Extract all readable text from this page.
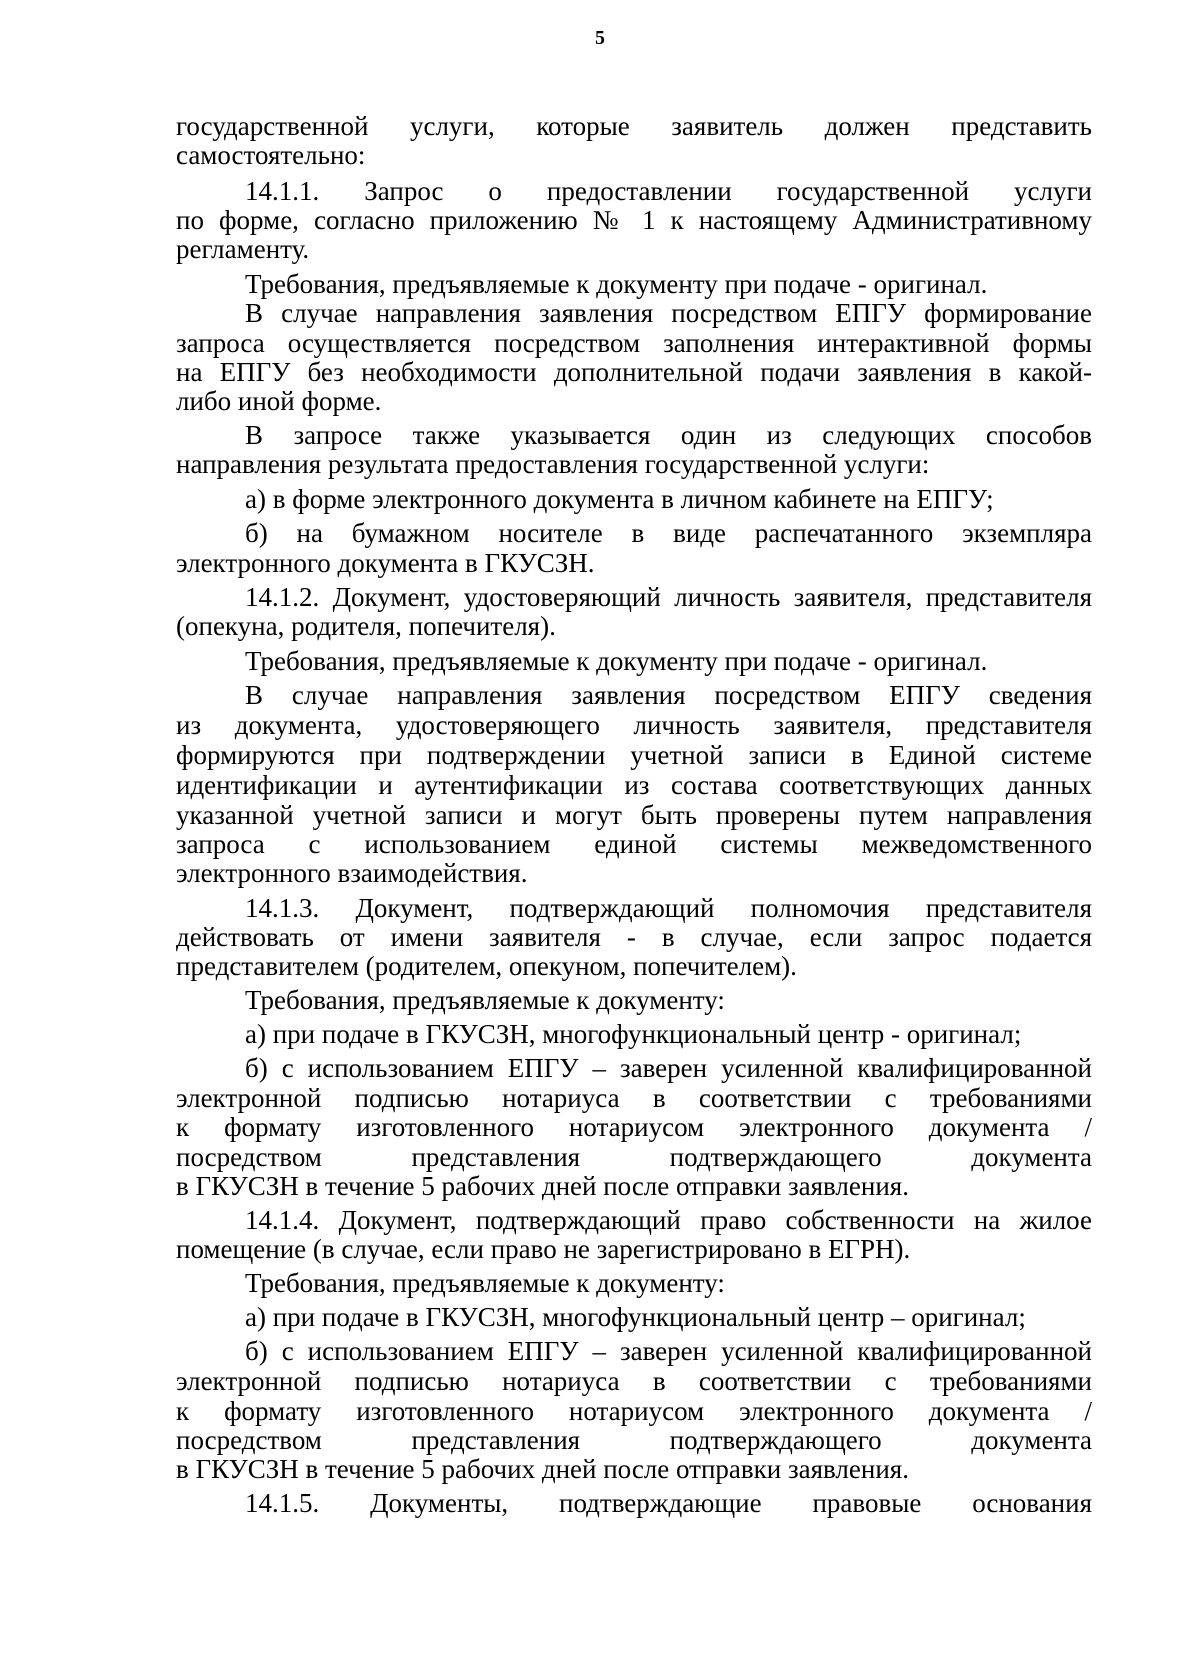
5

государственной услуги, которые заявитель должен представить

самостоятельно:

14.1.1. Запрос о предоставлении государственной услуги

по форме, согласно приложению № 1 к настоящему Административному

регламенту.

Требования, предъявляемые к документу при подаче - оригинал.

В случае направления заявления посредством ЕПГУ формирование

запроса осуществляется посредством заполнения интерактивной формы

на ЕПГУ без необходимости дополнительной подачи заявления в какой-

либо иной форме.

В запросе также указывается один из следующих способов

направления результата предоставления государственной услуги:

а) в форме электронного документа в личном кабинете на ЕПГУ;

б) на бумажном носителе в виде распечатанного экземпляра

электронного документа в ГКУСЗН.

14.1.2. Документ, удостоверяющий личность заявителя, представителя

(опекуна, родителя, попечителя).

Требования, предъявляемые к документу при подаче - оригинал.

В случае направления заявления посредством ЕПГУ сведения

из документа, удостоверяющего личность заявителя, представителя

формируются при подтверждении учетной записи в Единой системе

идентификации и аутентификации из состава соответствующих данных

указанной учетной записи и могут быть проверены путем направления

запроса с использованием единой системы межведомственного

электронного взаимодействия.

14.1.3. Документ, подтверждающий полномочия представителя

действовать от имени заявителя - в случае, если запрос подается

представителем (родителем, опекуном, попечителем).

Требования, предъявляемые к документу:

а) при подаче в ГКУСЗН, многофункциональный центр - оригинал;

б) с использованием ЕПГУ – заверен усиленной квалифицированной

электронной подписью нотариуса в соответствии с требованиями

к формату изготовленного нотариусом электронного документа /

посредством представления подтверждающего документа

в ГКУСЗН в течение 5 рабочих дней после отправки заявления.

14.1.4. Документ, подтверждающий право собственности на жилое

помещение (в случае, если право не зарегистрировано в ЕГРН).

Требования, предъявляемые к документу:

а) при подаче в ГКУСЗН, многофункциональный центр – оригинал;

б) с использованием ЕПГУ – заверен усиленной квалифицированной

электронной подписью нотариуса в соответствии с требованиями

к формату изготовленного нотариусом электронного документа /

посредством представления подтверждающего документа

в ГКУСЗН в течение 5 рабочих дней после отправки заявления.

14.1.5. Документы, подтверждающие правовые основания
